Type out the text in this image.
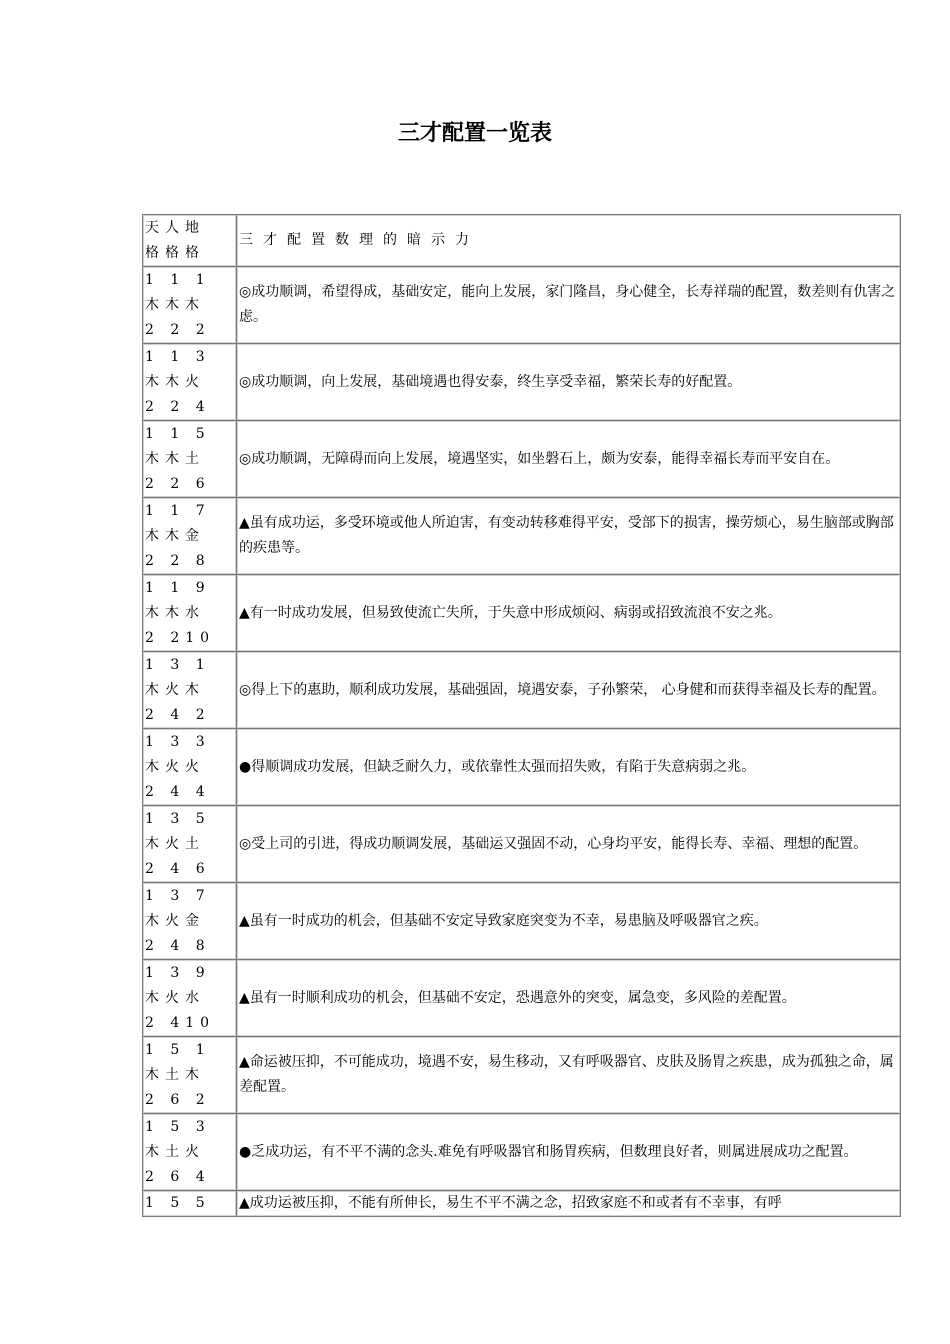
三才配置一览表
天人地
格格格	三才配置数理的暗示力

1 1 1
木木木
2 2 2	◎成功顺调，希望得成，基础安定，能向上发展，家门隆昌，身心健全，长寿祥瑞的配置，数差则有仇害之虑。

1 1 3
木木火
2 2 4	◎成功顺调，向上发展，基础境遇也得安泰，终生享受幸福，繁荣长寿的好配置。

1 1 5
木木土
2 2 6	◎成功顺调，无障碍而向上发展，境遇坚实，如坐磐石上，颇为安泰，能得幸福长寿而平安自在。

1 1 7
木木金
2 2 8	▲虽有成功运，多受环境或他人所迫害，有变动转移难得平安，受部下的损害，操劳烦心，易生脑部或胸部的疾患等。

1 1 9
木木水
2 210	▲有一时成功发展，但易致使流亡失所，于失意中形成烦闷、病弱或招致流浪不安之兆。

1 3 1
木火木
2 4 2	◎得上下的惠助，顺利成功发展，基础强固，境遇安泰，子孙繁荣， 心身健和而获得幸福及长寿的配置。

1 3 3
木火火
2 4 4	●得顺调成功发展，但缺乏耐久力，或依靠性太强而招失败，有陷于失意病弱之兆。

1 3 5
木火土
2 4 6	◎受上司的引进，得成功顺调发展，基础运又强固不动，心身均平安，能得长寿、幸福、理想的配置。

1 3 7
木火金
2 4 8	▲虽有一时成功的机会，但基础不安定导致家庭突变为不幸，易患脑及呼吸器官之疾。

1 3 9
木火水
2 410	▲虽有一时顺利成功的机会，但基础不安定，恐遇意外的突变，属急变，多风险的差配置。

1 5 1
木土木
2 6 2	▲命运被压抑，不可能成功，境遇不安，易生移动，又有呼吸器官、皮肤及肠胃之疾患，成为孤独之命，属差配置。

1 5 3
木土火
2 6 4	●乏成功运，有不平不满的念头.难免有呼吸器官和肠胃疾病，但数理良好者，则属进展成功之配置。

1 5 5	▲成功运被压抑，不能有所伸长，易生不平不满之念，招致家庭不和或者有不幸事，有呼
